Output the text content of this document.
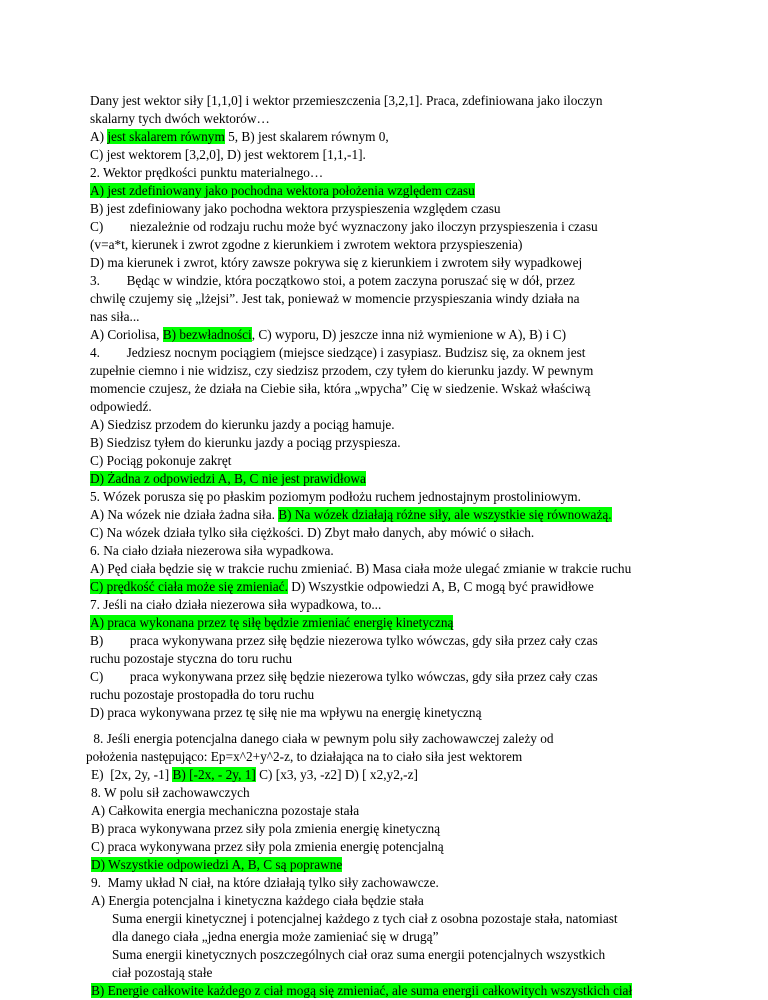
Dany jest wektor siły [1,1,0] i wektor przemieszczenia [3,2,1]. Praca, zdefiniowana jako iloczyn
skalarny tych dwóch wektorów…
A) jest skalarem równym 5, B) jest skalarem równym 0,
C) jest wektorem [3,2,0], D) jest wektorem [1,1,-1].
2. Wektor prędkości punktu materialnego…
A) jest zdefiniowany jako pochodna wektora położenia względem czasu
B) jest zdefiniowany jako pochodna wektora przyspieszenia względem czasu
C)        niezależnie od rodzaju ruchu może być wyznaczony jako iloczyn przyspieszenia i czasu
(v=a*t, kierunek i zwrot zgodne z kierunkiem i zwrotem wektora przyspieszenia)
D) ma kierunek i zwrot, który zawsze pokrywa się z kierunkiem i zwrotem siły wypadkowej
3.        Będąc w windzie, która początkowo stoi, a potem zaczyna poruszać się w dół, przez
chwilę czujemy się „lżejsi”. Jest tak, ponieważ w momencie przyspieszania windy działa na
nas siła...
A) Coriolisa, B) bezwładności, C) wyporu, D) jeszcze inna niż wymienione w A), B) i C)
4.        Jedziesz nocnym pociągiem (miejsce siedzące) i zasypiasz. Budzisz się, za oknem jest
zupełnie ciemno i nie widzisz, czy siedzisz przodem, czy tyłem do kierunku jazdy. W pewnym
momencie czujesz, że działa na Ciebie siła, która „wpycha” Cię w siedzenie. Wskaż właściwą
odpowiedź.
A) Siedzisz przodem do kierunku jazdy a pociąg hamuje.
B) Siedzisz tyłem do kierunku jazdy a pociąg przyspiesza.
C) Pociąg pokonuje zakręt
D) Żadna z odpowiedzi A, B, C nie jest prawidłowa
5. Wózek porusza się po płaskim poziomym podłożu ruchem jednostajnym prostoliniowym.
A) Na wózek nie działa żadna siła. B) Na wózek działają różne siły, ale wszystkie się równoważą.
C) Na wózek działa tylko siła ciężkości. D) Zbyt mało danych, aby mówić o siłach.
6. Na ciało działa niezerowa siła wypadkowa.
A) Pęd ciała będzie się w trakcie ruchu zmieniać. B) Masa ciała może ulegać zmianie w trakcie ruchu
C) prędkość ciała może się zmieniać. D) Wszystkie odpowiedzi A, B, C mogą być prawidłowe
7. Jeśli na ciało działa niezerowa siła wypadkowa, to...
A) praca wykonana przez tę siłę będzie zmieniać energię kinetyczną
B)        praca wykonywana przez siłę będzie niezerowa tylko wówczas, gdy siła przez cały czas
ruchu pozostaje styczna do toru ruchu
C)        praca wykonywana przez siłę będzie niezerowa tylko wówczas, gdy siła przez cały czas
ruchu pozostaje prostopadła do toru ruchu
D) praca wykonywana przez tę siłę nie ma wpływu na energię kinetyczną
8. Jeśli energia potencjalna danego ciała w pewnym polu siły zachowawczej zależy od
położenia następująco: Ep=x^2+y^2-z, to działająca na to ciało siła jest wektorem
E)  [2x, 2y, -1] B) [-2x, - 2y, 1] C) [x3, y3, -z2] D) [ x2,y2,-z]
8. W polu sił zachowawczych
A) Całkowita energia mechaniczna pozostaje stała
B) praca wykonywana przez siły pola zmienia energię kinetyczną
C) praca wykonywana przez siły pola zmienia energię potencjalną
D) Wszystkie odpowiedzi A, B, C są poprawne
9.  Mamy układ N ciał, na które działają tylko siły zachowawcze.
A) Energia potencjalna i kinetyczna każdego ciała będzie stała
Suma energii kinetycznej i potencjalnej każdego z tych ciał z osobna pozostaje stała, natomiast
dla danego ciała „jedna energia może zamieniać się w drugą”
Suma energii kinetycznych poszczególnych ciał oraz suma energii potencjalnych wszystkich
ciał pozostają stałe
B) Energie całkowite każdego z ciał mogą się zmieniać, ale suma energii całkowitych wszystkich ciał
